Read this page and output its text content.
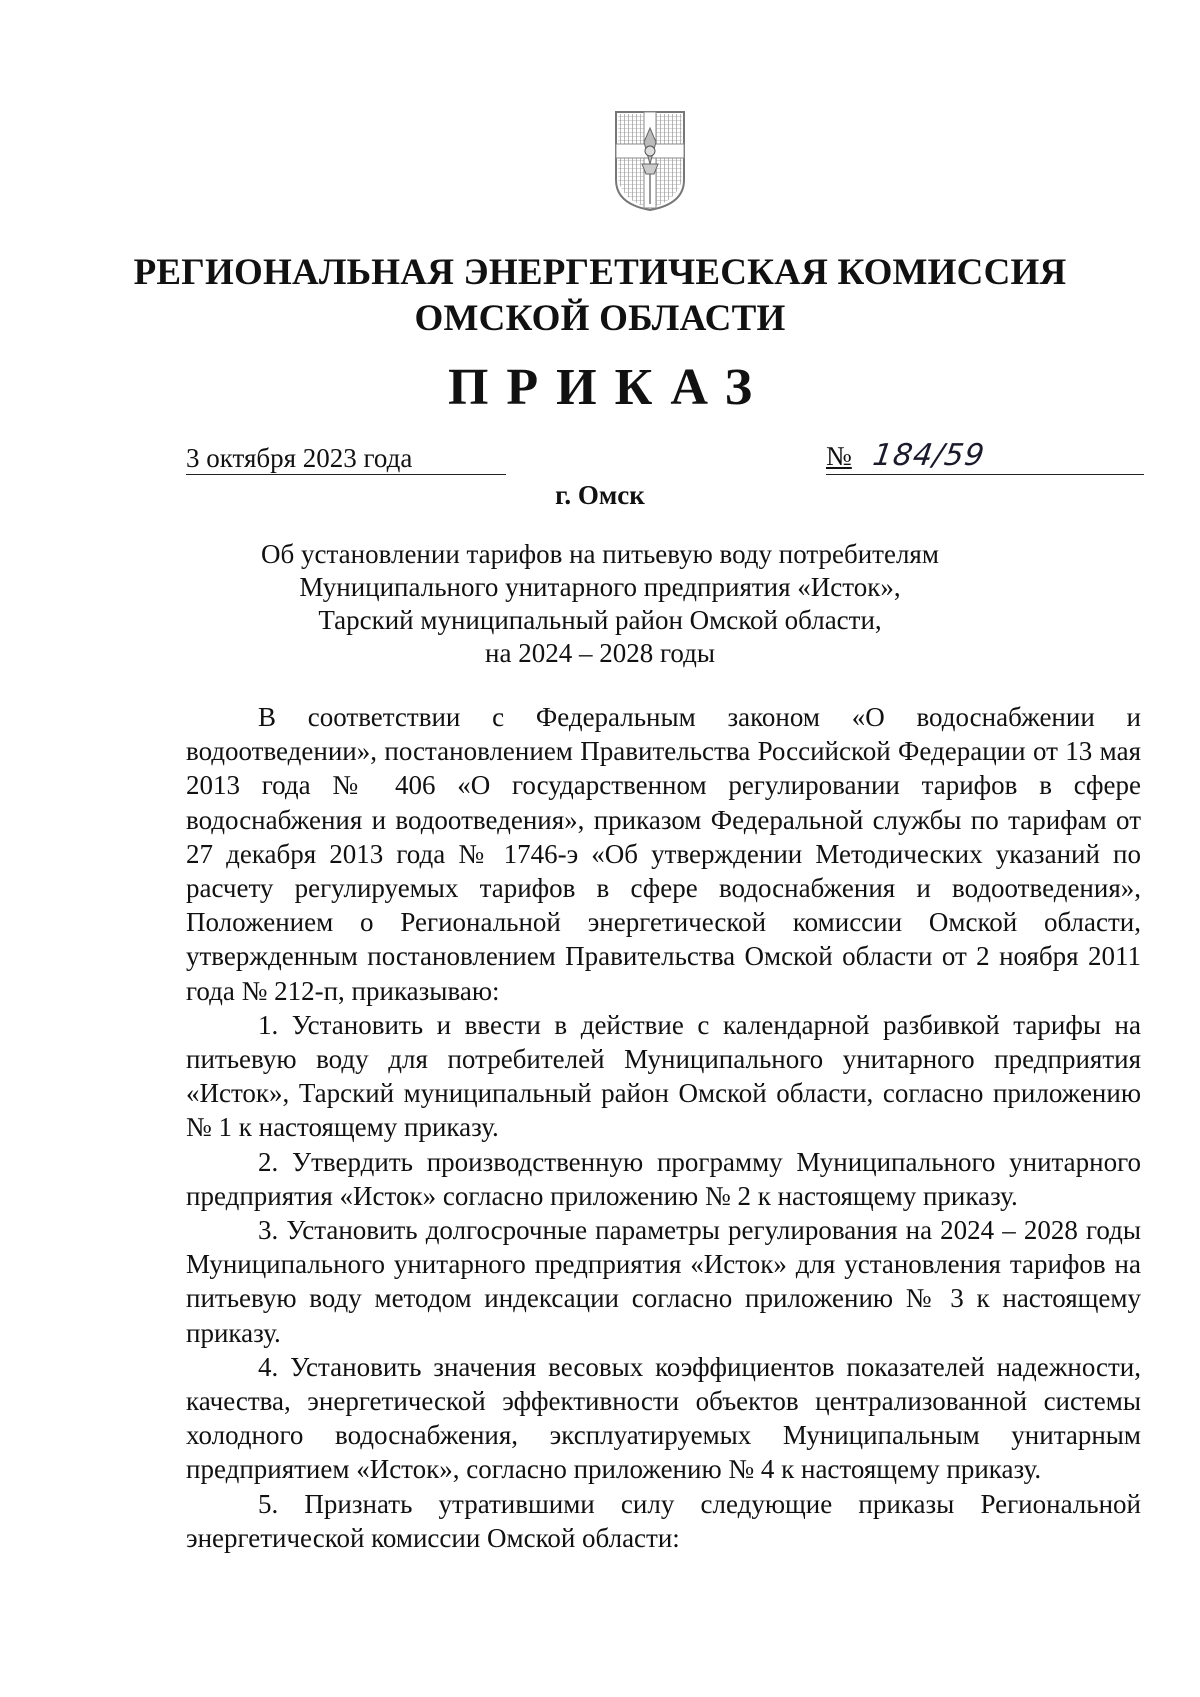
РЕГИОНАЛЬНАЯ ЭНЕРГЕТИЧЕСКАЯ КОМИССИЯ
ОМСКОЙ ОБЛАСТИ
ПРИКАЗ
3 октября 2023 года	№ 184/59
г. Омск
Об установлении тарифов на питьевую воду потребителям
Муниципального унитарного предприятия «Исток»,
Тарский муниципальный район Омской области,
на 2024 – 2028 годы

В соответствии с Федеральным законом «О водоснабжении и водоотведении», постановлением Правительства Российской Федерации от 13 мая 2013 года № 406 «О государственном регулировании тарифов в сфере водоснабжения и водоотведения», приказом Федеральной службы по тарифам от 27 декабря 2013 года № 1746-э «Об утверждении Методических указаний по расчету регулируемых тарифов в сфере водоснабжения и водоотведения», Положением о Региональной энергетической комиссии Омской области, утвержденным постановлением Правительства Омской области от 2 ноября 2011 года № 212-п, приказываю:

1. Установить и ввести в действие с календарной разбивкой тарифы на питьевую воду для потребителей Муниципального унитарного предприятия «Исток», Тарский муниципальный район Омской области, согласно приложению № 1 к настоящему приказу.

2. Утвердить производственную программу Муниципального унитарного предприятия «Исток» согласно приложению № 2 к настоящему приказу.

3. Установить долгосрочные параметры регулирования на 2024 – 2028 годы Муниципального унитарного предприятия «Исток» для установления тарифов на питьевую воду методом индексации согласно приложению № 3 к настоящему приказу.

4. Установить значения весовых коэффициентов показателей надежности, качества, энергетической эффективности объектов централизованной системы холодного водоснабжения, эксплуатируемых Муниципальным унитарным предприятием «Исток», согласно приложению № 4 к настоящему приказу.

5. Признать утратившими силу следующие приказы Региональной энергетической комиссии Омской области:
